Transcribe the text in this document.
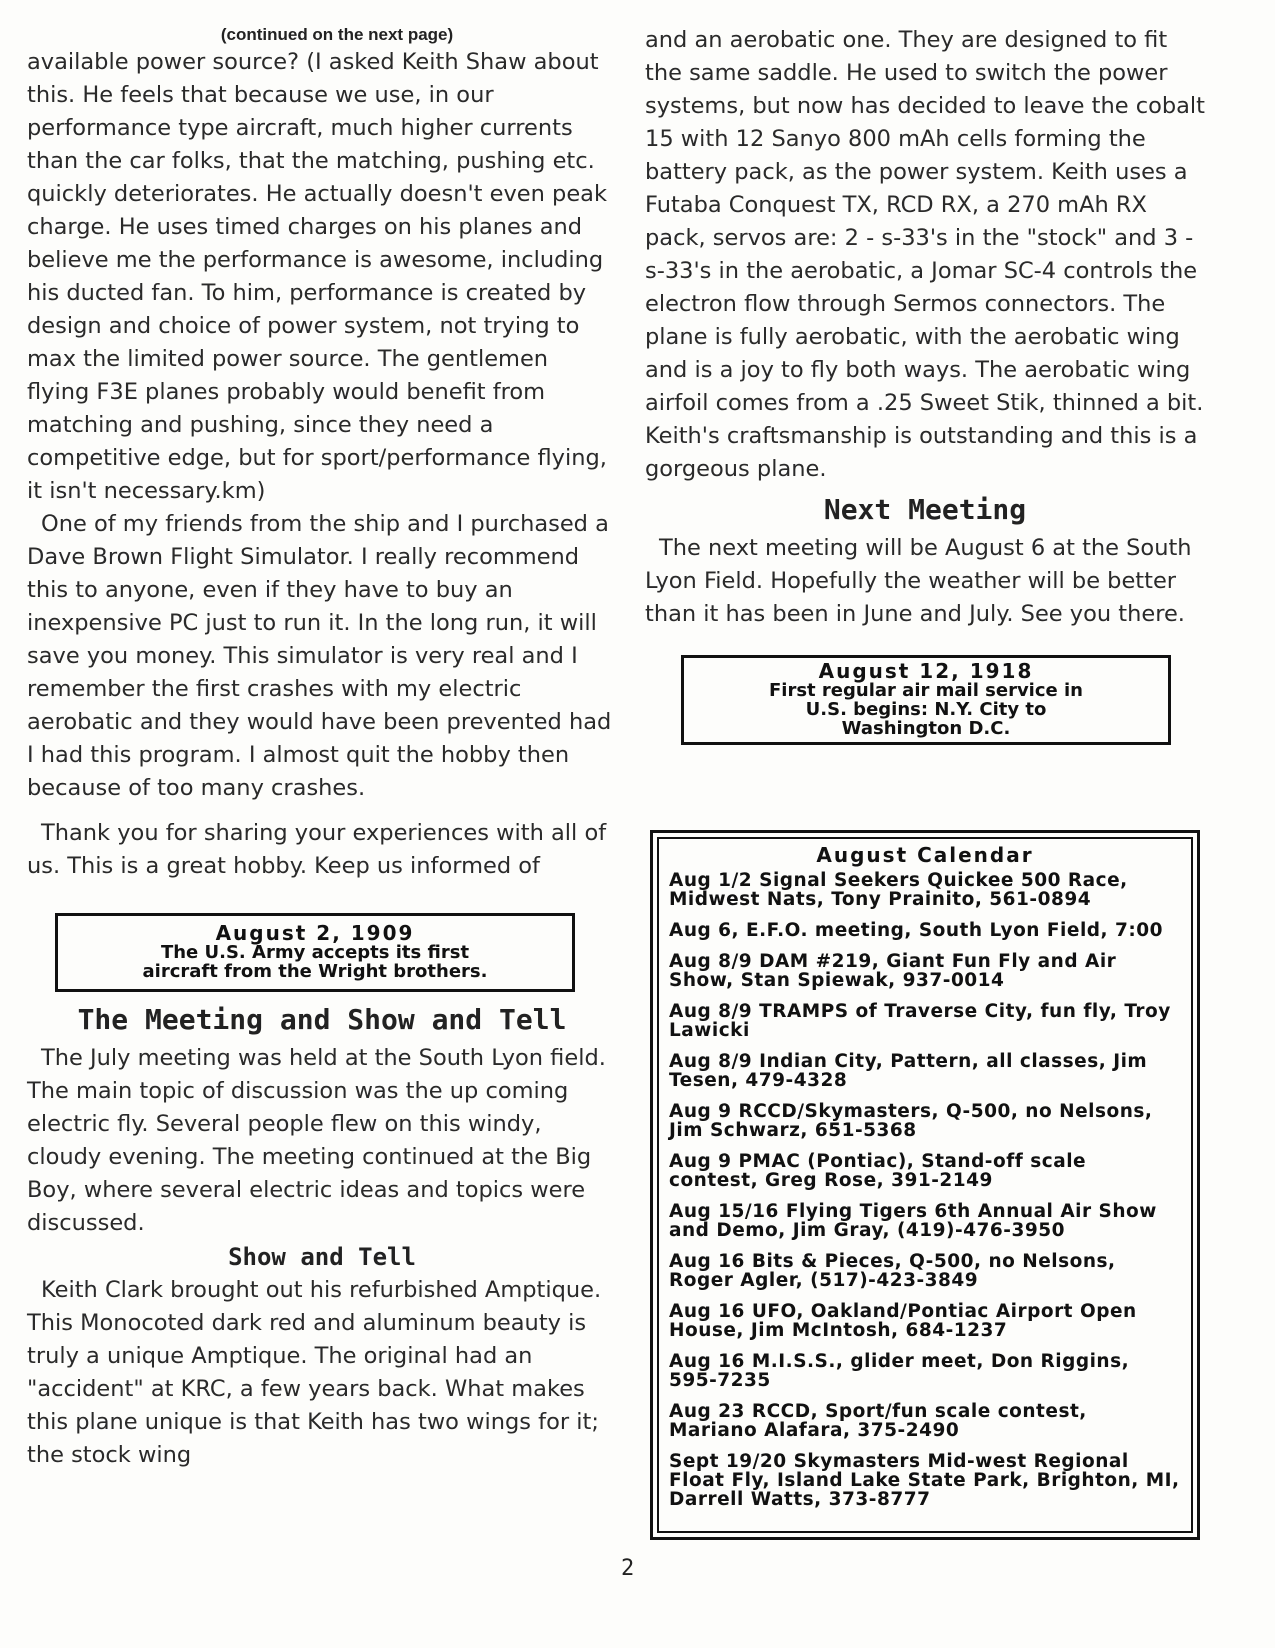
(continued on the next page)

available power source? (I asked Keith Shaw about this. He feels that because we use, in our performance type aircraft, much higher currents than the car folks, that the matching, pushing etc. quickly deteriorates. He actually doesn't even peak charge. He uses timed charges on his planes and believe me the performance is awesome, including his ducted fan. To him, performance is created by design and choice of power system, not trying to max the limited power source. The gentlemen flying F3E planes probably would benefit from matching and pushing, since they need a competitive edge, but for sport/performance flying, it isn't necessary.km)

One of my friends from the ship and I purchased a Dave Brown Flight Simulator. I really recommend this to anyone, even if they have to buy an inexpensive PC just to run it. In the long run, it will save you money. This simulator is very real and I remember the first crashes with my electric aerobatic and they would have been prevented had I had this program. I almost quit the hobby then because of too many crashes.

Thank you for sharing your experiences with all of us. This is a great hobby. Keep us informed of

August 2, 1909
The U.S. Army accepts its first
aircraft from the Wright brothers.
The Meeting and Show and Tell

The July meeting was held at the South Lyon field. The main topic of discussion was the up coming electric fly. Several people flew on this windy, cloudy evening. The meeting continued at the Big Boy, where several electric ideas and topics were discussed.

Show and Tell

Keith Clark brought out his refurbished Amptique. This Monocoted dark red and aluminum beauty is truly a unique Amptique. The original had an "accident" at KRC, a few years back. What makes this plane unique is that Keith has two wings for it; the stock wing

and an aerobatic one. They are designed to fit the same saddle. He used to switch the power systems, but now has decided to leave the cobalt 15 with 12 Sanyo 800 mAh cells forming the battery pack, as the power system. Keith uses a Futaba Conquest TX, RCD RX, a 270 mAh RX pack, servos are: 2 - s-33's in the "stock" and 3 - s-33's in the aerobatic, a Jomar SC-4 controls the electron flow through Sermos connectors. The plane is fully aerobatic, with the aerobatic wing and is a joy to fly both ways. The aerobatic wing airfoil comes from a .25 Sweet Stik, thinned a bit. Keith's craftsmanship is outstanding and this is a gorgeous plane.

Next Meeting

The next meeting will be August 6 at the South Lyon Field. Hopefully the weather will be better than it has been in June and July. See you there.

August 12, 1918
First regular air mail service in
U.S. begins: N.Y. City to
Washington D.C.
August Calendar
Aug 1/2 Signal Seekers Quickee 500 Race, Midwest Nats, Tony Prainito, 561-0894
Aug 6, E.F.O. meeting, South Lyon Field, 7:00
Aug 8/9 DAM #219, Giant Fun Fly and Air Show, Stan Spiewak, 937-0014
Aug 8/9 TRAMPS of Traverse City, fun fly, Troy Lawicki
Aug 8/9 Indian City, Pattern, all classes, Jim Tesen, 479-4328
Aug 9 RCCD/Skymasters, Q-500, no Nelsons, Jim Schwarz, 651-5368
Aug 9 PMAC (Pontiac), Stand-off scale contest, Greg Rose, 391-2149
Aug 15/16 Flying Tigers 6th Annual Air Show and Demo, Jim Gray, (419)-476-3950
Aug 16 Bits & Pieces, Q-500, no Nelsons, Roger Agler, (517)-423-3849
Aug 16 UFO, Oakland/Pontiac Airport Open House, Jim McIntosh, 684-1237
Aug 16 M.I.S.S., glider meet, Don Riggins, 595-7235
Aug 23 RCCD, Sport/fun scale contest, Mariano Alafara, 375-2490
Sept 19/20 Skymasters Mid-west Regional Float Fly, Island Lake State Park, Brighton, MI, Darrell Watts, 373-8777
2
